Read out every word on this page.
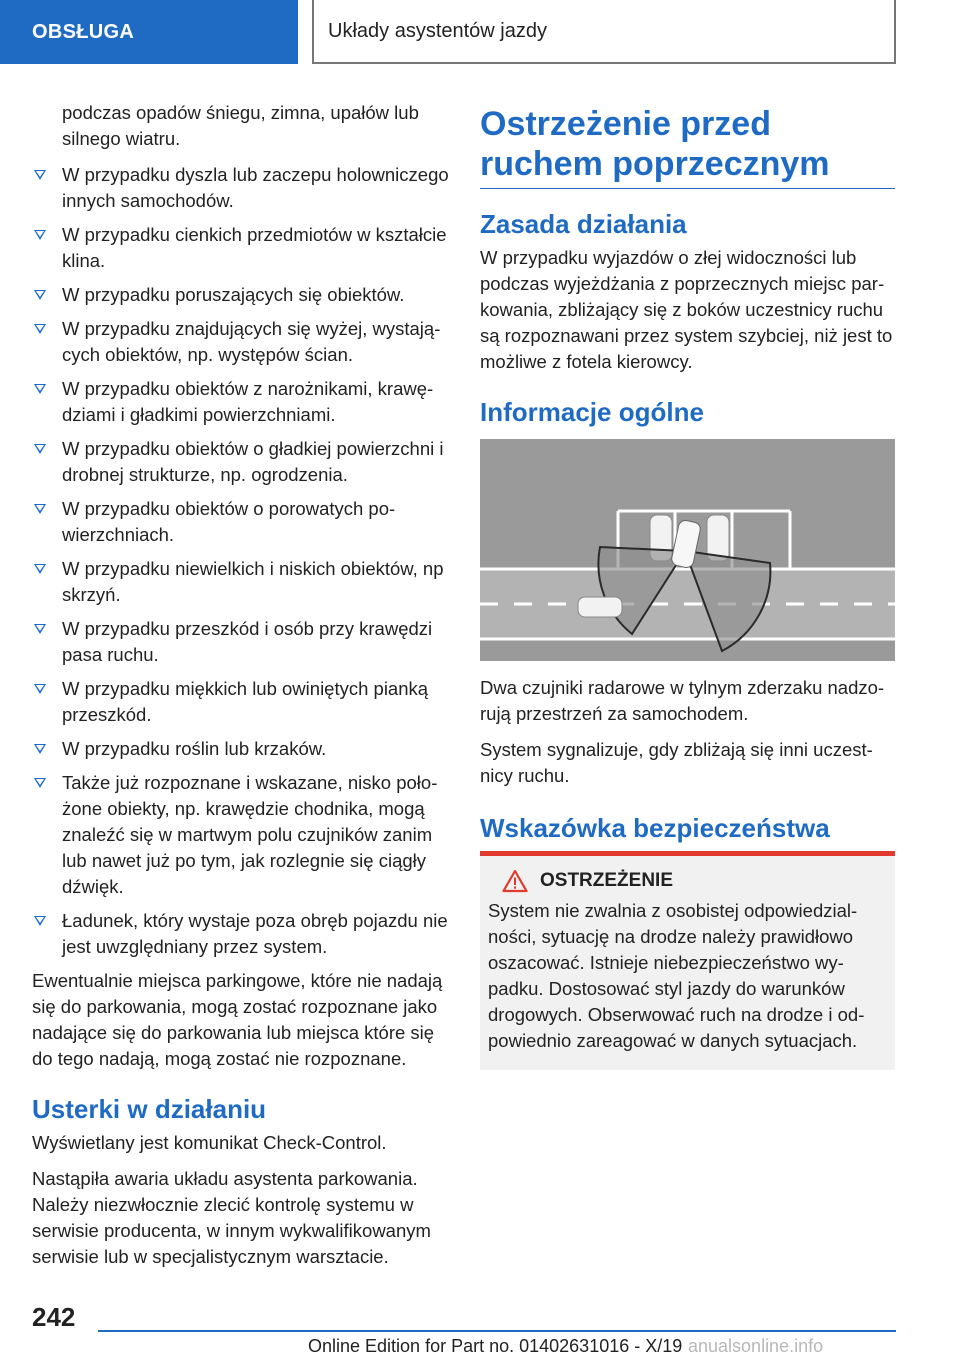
OBSŁUGA	Układy asystentów jazdy

podczas opadów śniegu, zimna, upałów lub silnego wiatru.

W przypadku dyszla lub zaczepu holowniczego innych samochodów.
W przypadku cienkich przedmiotów w kształcie klina.
W przypadku poruszających się obiektów.
W przypadku znajdujących się wyżej, wystających obiektów, np. występów ścian.
W przypadku obiektów z narożnikami, krawędziami i gładkimi powierzchniami.
W przypadku obiektów o gładkiej powierzchni i drobnej strukturze, np. ogrodzenia.
W przypadku obiektów o porowatych powierzchniach.
W przypadku niewielkich i niskich obiektów, np skrzyń.
W przypadku przeszkód i osób przy krawędzi pasa ruchu.
W przypadku miękkich lub owiniętych pianką przeszkód.
W przypadku roślin lub krzaków.
Także już rozpoznane i wskazane, nisko położone obiekty, np. krawędzie chodnika, mogą znaleźć się w martwym polu czujników zanim lub nawet już po tym, jak rozlegnie się ciągły dźwięk.
Ładunek, który wystaje poza obręb pojazdu nie jest uwzględniany przez system.

Ewentualnie miejsca parkingowe, które nie nadają się do parkowania, mogą zostać rozpoznane jako nadające się do parkowania lub miejsca które się do tego nadają, mogą zostać nie rozpoznane.

Usterki w działaniu

Wyświetlany jest komunikat Check-Control.

Nastąpiła awaria układu asystenta parkowania. Należy niezwłocznie zlecić kontrolę systemu w serwisie producenta, w innym wykwalifikowanym serwisie lub w specjalistycznym warsztacie.

Ostrzeżenie przed ruchem poprzecznym
Zasada działania

W przypadku wyjazdów o złej widoczności lub podczas wyjeżdżania z poprzecznych miejsc parkowania, zbliżający się z boków uczestnicy ruchu są rozpoznawani przez system szybciej, niż jest to możliwe z fotela kierowcy.

Informacje ogólne

Dwa czujniki radarowe w tylnym zderzaku nadzorują przestrzeń za samochodem.

System sygnalizuje, gdy zbliżają się inni uczestnicy ruchu.

Wskazówka bezpieczeństwa
OSTRZEŻENIE
System nie zwalnia z osobistej odpowiedzialności, sytuację na drodze należy prawidłowo oszacować. Istnieje niebezpieczeństwo wypadku. Dostosować styl jazdy do warunków drogowych. Obserwować ruch na drodze i odpowiednio zareagować w danych sytuacjach.
242
Online Edition for Part no. 01402631016 - X/19 anualsonline.info
